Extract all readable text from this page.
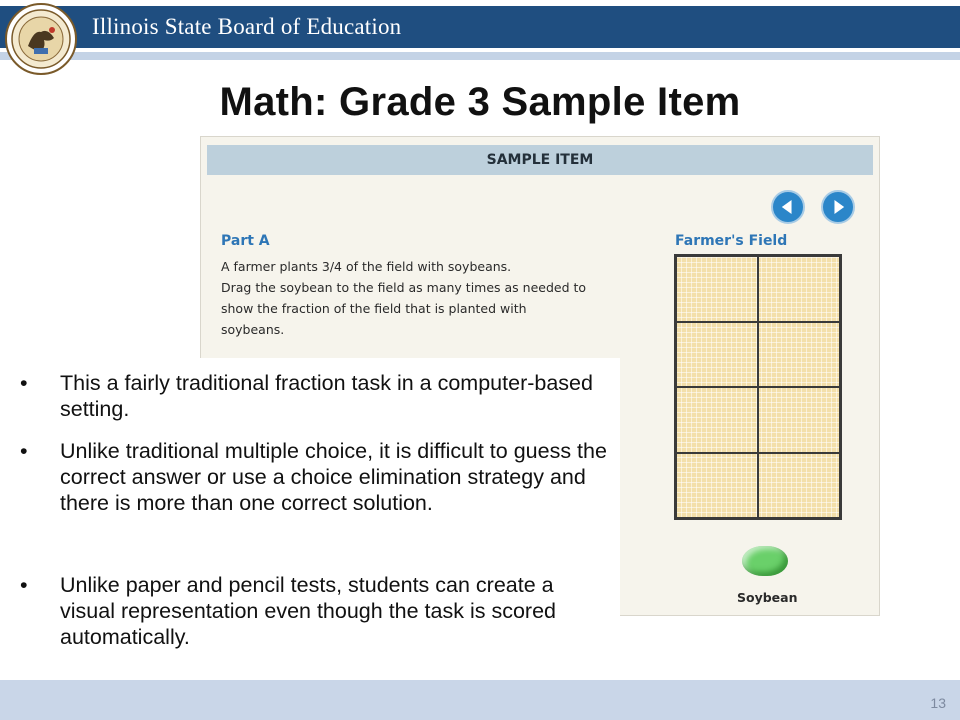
Illinois State Board of Education
Math: Grade 3 Sample Item
SAMPLE ITEM
Part A
A farmer plants 3/4 of the field with soybeans.
Drag the soybean to the field as many times as needed to
show the fraction of the field that is planted with
soybeans.
Farmer's Field
Soybean
• This a fairly traditional fraction task in a computer-based setting.
• Unlike traditional multiple choice, it is difficult to guess the correct answer or use a choice elimination strategy and there is more than one correct solution.
• Unlike paper and pencil tests, students can create a visual representation even though the task is scored automatically.
13
